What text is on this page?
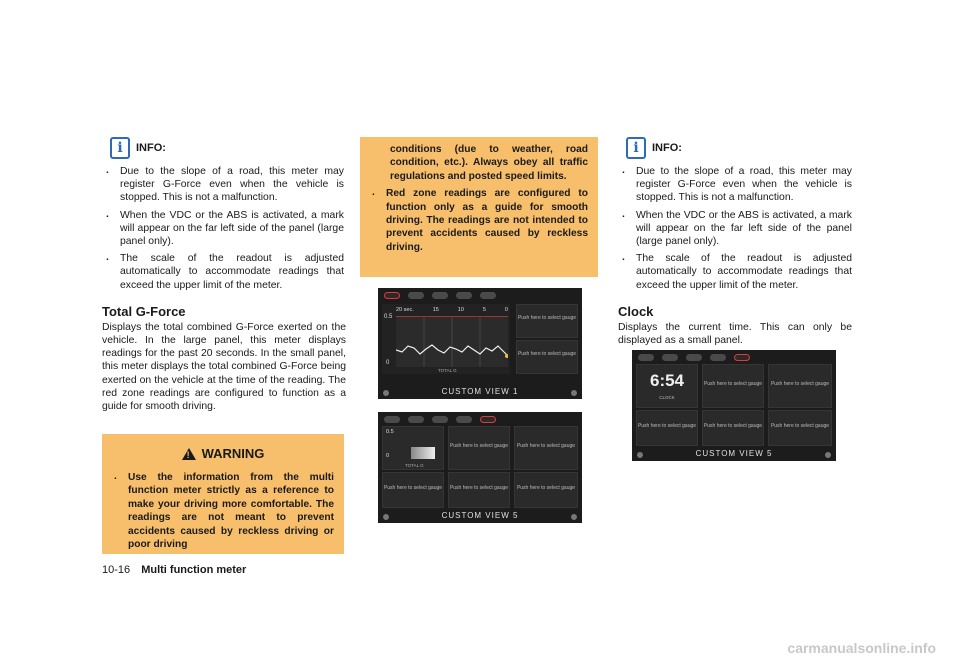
i	INFO:
. Due to the slope of a road, this meter may register G-Force even when the vehicle is stopped. This is not a malfunction.
. When the VDC or the ABS is activated, a mark will appear on the far left side of the panel (large panel only).
. The scale of the readout is adjusted automatically to accommodate readings that exceed the upper limit of the meter.
Total G-Force

Displays the total combined G-Force exerted on the vehicle. In the large panel, this meter displays readings for the past 20 seconds. In the small panel, this meter displays the total combined G-Force being exerted on the vehicle at the time of the reading. The red zone readings are configured to function as a guide for smooth driving.

! WARNING
. Use the information from the multi function meter strictly as a reference to make your driving more comfortable. The readings are not meant to prevent accidents caused by reckless driving or poor driving
conditions (due to weather, road condition, etc.). Always obey all traffic regulations and posted speed limits.
. Red zone readings are configured to function only as a guide for smooth driving. The readings are not intended to prevent accidents caused by reckless driving.
0.5
0
20 sec.	15	10	5	0
TOTAL G
Push here to select gauge
Push here to select gauge
CUSTOM VIEW 1
0.5
0
TOTAL G
Push here to select gauge	Push here to select gauge
Push here to select gauge	Push here to select gauge	Push here to select gauge
CUSTOM VIEW 5
i	INFO:
. Due to the slope of a road, this meter may register G-Force even when the vehicle is stopped. This is not a malfunction.
. When the VDC or the ABS is activated, a mark will appear on the far left side of the panel (large panel only).
. The scale of the readout is adjusted automatically to accommodate readings that exceed the upper limit of the meter.
Clock

Displays the current time. This can only be displayed as a small panel.

6:54
CLOCK
Push here to select gauge	Push here to select gauge
Push here to select gauge	Push here to select gauge	Push here to select gauge
CUSTOM VIEW 5
10-16 Multi function meter
carmanualsonline.info
